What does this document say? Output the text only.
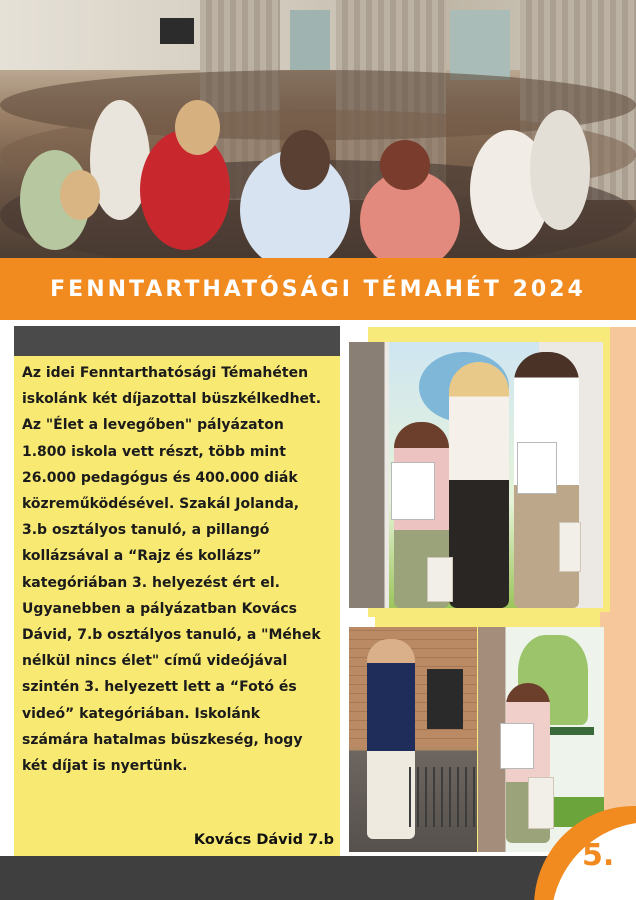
FENNTARTHATÓSÁGI TÉMAHÉT 2024

Az idei Fenntarthatósági Témahéten
iskolánk két díjazottal büszkélkedhet.
Az "Élet a levegőben" pályázaton
1.800 iskola vett részt, több mint
26.000 pedagógus és 400.000 diák
közreműködésével. Szakál Jolanda,
3.b osztályos tanuló, a pillangó
kollázsával a “Rajz és kollázs”
kategóriában 3. helyezést ért el.
Ugyanebben a pályázatban Kovács
Dávid, 7.b osztályos tanuló, a "Méhek
nélkül nincs élet" című videójával
szintén 3. helyezett lett a “Fotó és
videó” kategóriában. Iskolánk
számára hatalmas büszkeség, hogy
két díjat is nyertünk.

Kovács Dávid 7.b	5.
